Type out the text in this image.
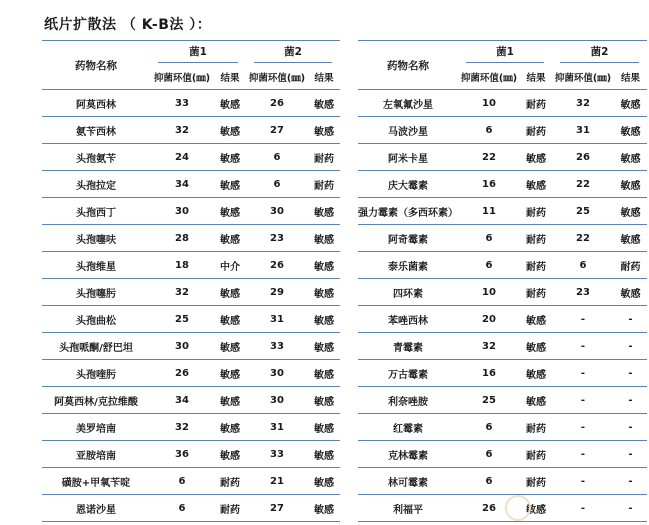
纸片扩散法 （ K-B法 ）：
药物名称	菌1		菌2			药物名称	菌1		菌2	

	抑菌环值(㎜)	结果	抑菌环值(㎜)	结果			抑菌环值(㎜)	结果	抑菌环值(㎜)	结果
阿莫西林	33	敏感	26	敏感		左氧氟沙星	10	耐药	32	敏感
氨苄西林	32	敏感	27	敏感		马波沙星	6	耐药	31	敏感
头孢氨苄	24	敏感	6	耐药		阿米卡星	22	敏感	26	敏感
头孢拉定	34	敏感	6	耐药		庆大霉素	16	敏感	22	敏感
头孢西丁	30	敏感	30	敏感		强力霉素（多西环素）	11	耐药	25	敏感
头孢噻呋	28	敏感	23	敏感		阿奇霉素	6	耐药	22	敏感
头孢维星	18	中介	26	敏感		泰乐菌素	6	耐药	6	耐药
头孢噻肟	32	敏感	29	敏感		四环素	10	耐药	23	敏感
头孢曲松	25	敏感	31	敏感		苯唑西林	20	敏感	-	-
头孢哌酮/舒巴坦	30	敏感	33	敏感		青霉素	32	敏感	-	-
头孢喹肟	26	敏感	30	敏感		万古霉素	16	敏感	-	-
阿莫西林/克拉维酸	34	敏感	30	敏感		利奈唑胺	25	敏感	-	-
美罗培南	32	敏感	31	敏感		红霉素	6	耐药	-	-
亚胺培南	36	敏感	33	敏感		克林霉素	6	耐药	-	-
磺胺+甲氧苄啶	6	耐药	21	敏感		林可霉素	6	耐药	-	-
恩诺沙星	6	耐药	27	敏感		利福平	26	敏感	-	-
